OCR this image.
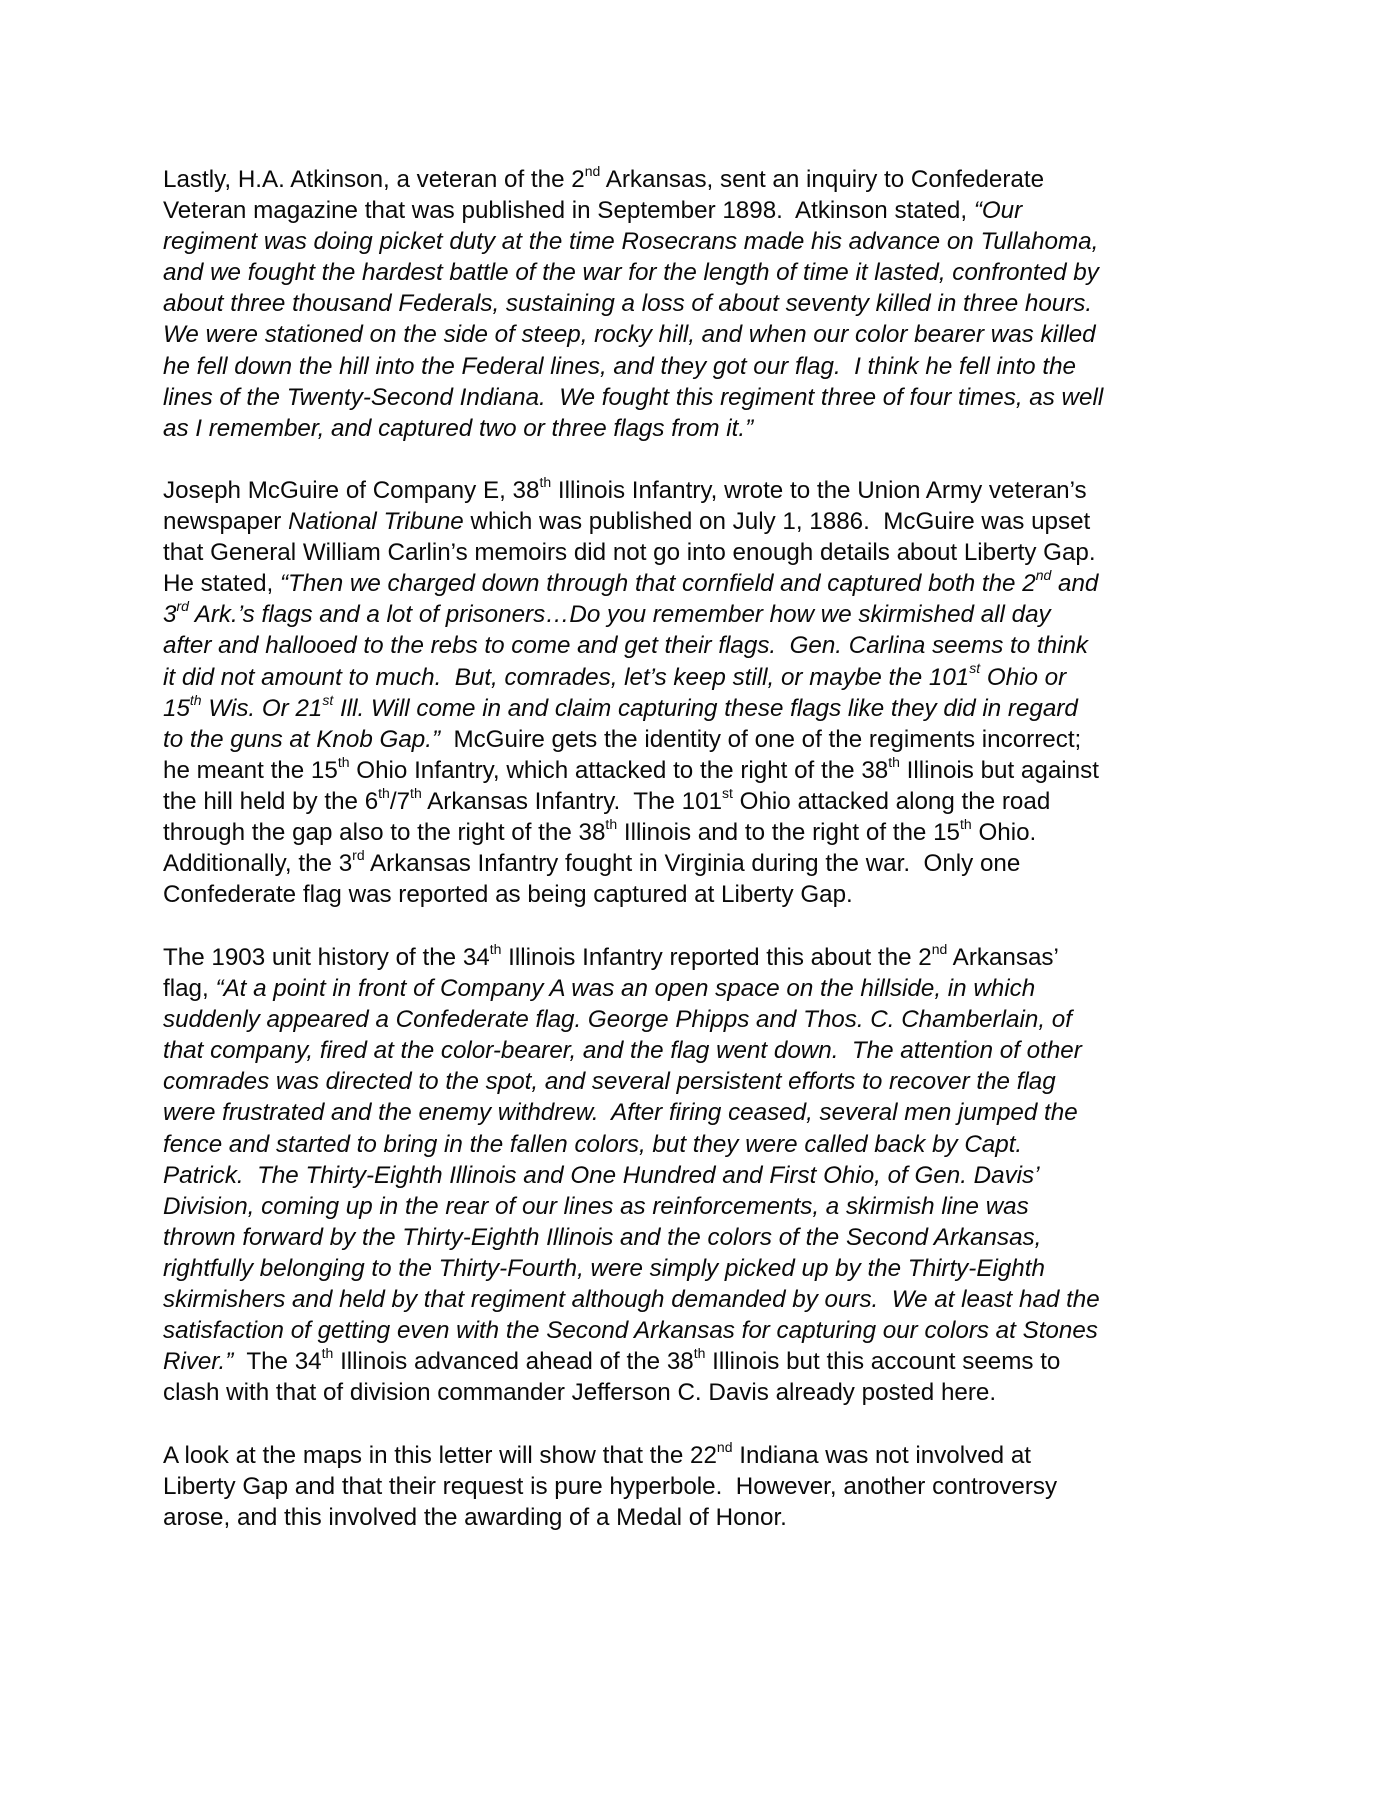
Lastly, H.A. Atkinson, a veteran of the 2nd Arkansas, sent an inquiry to Confederate
Veteran magazine that was published in September 1898.  Atkinson stated, “Our
regiment was doing picket duty at the time Rosecrans made his advance on Tullahoma,
and we fought the hardest battle of the war for the length of time it lasted, confronted by
about three thousand Federals, sustaining a loss of about seventy killed in three hours.
We were stationed on the side of steep, rocky hill, and when our color bearer was killed
he fell down the hill into the Federal lines, and they got our flag.  I think he fell into the
lines of the Twenty-Second Indiana.  We fought this regiment three of four times, as well
as I remember, and captured two or three flags from it.”
Joseph McGuire of Company E, 38th Illinois Infantry, wrote to the Union Army veteran’s
newspaper National Tribune which was published on July 1, 1886.  McGuire was upset
that General William Carlin’s memoirs did not go into enough details about Liberty Gap.
He stated, “Then we charged down through that cornfield and captured both the 2nd and
3rd Ark.’s flags and a lot of prisoners…Do you remember how we skirmished all day
after and hallooed to the rebs to come and get their flags.  Gen. Carlina seems to think
it did not amount to much.  But, comrades, let’s keep still, or maybe the 101st Ohio or
15th Wis. Or 21st Ill. Will come in and claim capturing these flags like they did in regard
to the guns at Knob Gap.”  McGuire gets the identity of one of the regiments incorrect;
he meant the 15th Ohio Infantry, which attacked to the right of the 38th Illinois but against
the hill held by the 6th/7th Arkansas Infantry.  The 101st Ohio attacked along the road
through the gap also to the right of the 38th Illinois and to the right of the 15th Ohio.
Additionally, the 3rd Arkansas Infantry fought in Virginia during the war.  Only one
Confederate flag was reported as being captured at Liberty Gap.
The 1903 unit history of the 34th Illinois Infantry reported this about the 2nd Arkansas’
flag, “At a point in front of Company A was an open space on the hillside, in which
suddenly appeared a Confederate flag. George Phipps and Thos. C. Chamberlain, of
that company, fired at the color-bearer, and the flag went down.  The attention of other
comrades was directed to the spot, and several persistent efforts to recover the flag
were frustrated and the enemy withdrew.  After firing ceased, several men jumped the
fence and started to bring in the fallen colors, but they were called back by Capt.
Patrick.  The Thirty-Eighth Illinois and One Hundred and First Ohio, of Gen. Davis’
Division, coming up in the rear of our lines as reinforcements, a skirmish line was
thrown forward by the Thirty-Eighth Illinois and the colors of the Second Arkansas,
rightfully belonging to the Thirty-Fourth, were simply picked up by the Thirty-Eighth
skirmishers and held by that regiment although demanded by ours.  We at least had the
satisfaction of getting even with the Second Arkansas for capturing our colors at Stones
River.”  The 34th Illinois advanced ahead of the 38th Illinois but this account seems to
clash with that of division commander Jefferson C. Davis already posted here.
A look at the maps in this letter will show that the 22nd Indiana was not involved at
Liberty Gap and that their request is pure hyperbole.  However, another controversy
arose, and this involved the awarding of a Medal of Honor.
